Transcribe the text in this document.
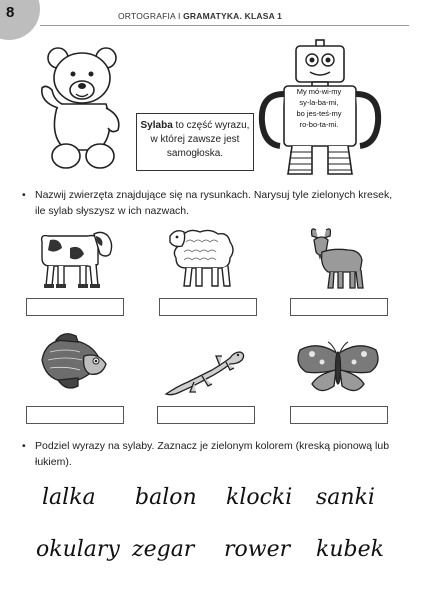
8	ORTOGRAFIA I GRAMATYKA. KLASA 1
My mó-wi-my
sy-la-ba-mi,
bo jes-teś-my
ro-bo-ta-mi.
Sylaba to część wyrazu, w której zawsze jest samogłoska.
• Nazwij zwierzęta znajdujące się na rysunkach. Narysuj tyle zielonych kresek, ile sylab słyszysz w ich nazwach.
• Podziel wyrazy na sylaby. Zaznacz je zielonym kolorem (kreską pionową lub łukiem).
lalka balon klocki sanki
okulary zegar rower kubek
